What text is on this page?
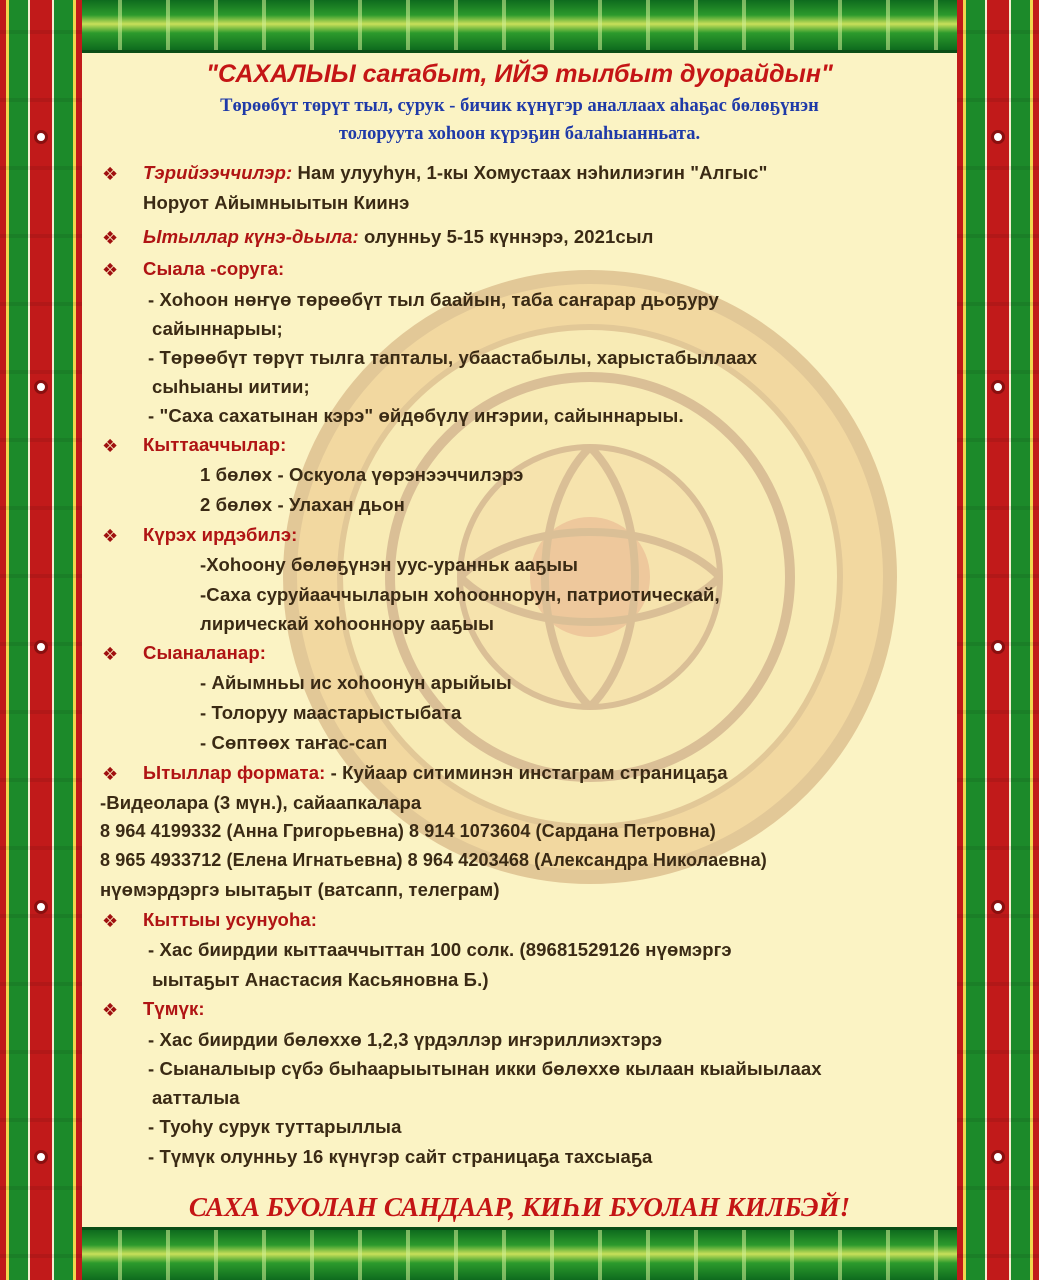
"САХАЛЫЫ саҥабыт, ИЙЭ тылбыт дуорайдын"
Төрөөбүт төрүт тыл, сурук - бичик күнүгэр аналлаах аһаҕас бөлөҕүнэн
толоруута хоһоон күрэҕин балаһыанньата.
❖ Тэрийээччилэр: Нам улууһун, 1-кы Хомустаах нэһилиэгин "Алгыс"
Норуот Айымныытын Киинэ
❖ Ытыллар күнэ-дьыла: олунньу 5-15 күннэрэ, 2021сыл
❖ Сыала -соруга:
- Хоһоон нөҥүө төрөөбүт тыл баайын, таба саҥарар дьоҕуру
сайыннарыы;
- Төрөөбүт төрүт тылга тапталы, убаастабылы, харыстабыллаах
сыһыаны иитии;
- "Саха сахатынан кэрэ" өйдөбүлү иҥэрии, сайыннарыы.
❖ Кыттааччылар:
1 бөлөх - Оскуола үөрэнээччилэрэ
2 бөлөх - Улахан дьон
❖ Күрэх ирдэбилэ:
-Хоһоону бөлөҕүнэн уус-уранньк ааҕыы
-Саха суруйааччыларын хоһооннорун, патриотическай,
лирическай хоһооннору ааҕыы
❖ Сыаналанар:
- Айымньы ис хоһоонун арыйыы
- Толоруу маастарыстыбата
- Сөптөөх таҥас-сап
❖ Ытыллар формата: - Куйаар ситиминэн инстаграм страницаҕа
-Видеолара (3 мүн.), сайаапкалара
8 964 4199332 (Анна Григорьевна) 8 914 1073604 (Сардана Петровна)
8 965 4933712 (Елена Игнатьевна) 8 964 4203468 (Александра Николаевна)
нүөмэрдэргэ ыытаҕыт (ватсапп, телеграм)
❖ Кыттыы усунуоһа:
- Хас биирдии кыттааччыттан 100 солк. (89681529126 нүөмэргэ
ыытаҕыт Анастасия Касьяновна Б.)
❖ Түмүк:
- Хас биирдии бөлөххө 1,2,3 үрдэллэр иҥэриллиэхтэрэ
- Сыаналыыр сүбэ быһаарыытынан икки бөлөххө кылаан кыайыылаах
аатталыа
- Туоһу сурук туттарыллыа
- Түмүк олунньу 16 күнүгэр сайт страницаҕа тахсыаҕа
САХА БУОЛАН САНДААР, КИҺИ БУОЛАН КИЛБЭЙ!
